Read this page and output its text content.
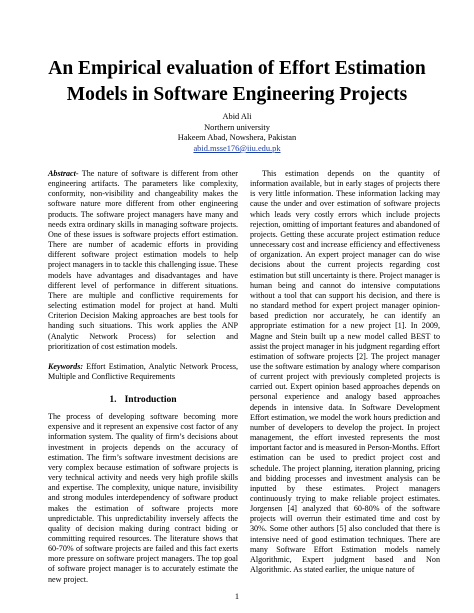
An Empirical evaluation of Effort Estimation
Models in Software Engineering Projects
Abid Ali
Northern university
Hakeem Abad, Nowshera, Pakistan
abid.msse176@iiu.edu.pk

Abstract- The nature of software is different from other engineering artifacts. The parameters like complexity, conformity, non-visibility and changeability makes the software nature more different from other engineering products. The software project managers have many and needs extra ordinary skills in managing software projects. One of these issues is software projects effort estimation. There are number of academic efforts in providing different software project estimation models to help project managers in to tackle this challenging issue. These models have advantages and disadvantages and have different level of performance in different situations. There are multiple and conflictive requirements for selecting estimation model for project at hand. Multi Criterion Decision Making approaches are best tools for handing such situations. This work applies the ANP (Analytic Network Process) for selection and prioritization of cost estimation models.

Keywords: Effort Estimation, Analytic Network Process, Multiple and Conflictive Requirements

1. Introduction

The process of developing software becoming more expensive and it represent an expensive cost factor of any information system. The quality of firm’s decisions about investment in projects depends on the accuracy of estimation. The firm’s software investment decisions are very complex because estimation of software projects is very technical activity and needs very high profile skills and expertise. The complexity, unique nature, invisibility and strong modules interdependency of software product makes the estimation of software projects more unpredictable. This unpredictability inversely affects the quality of decision making during contract biding or committing required resources. The literature shows that 60-70% of software projects are failed and this fact exerts more pressure on software project managers. The top goal of software project manager is to accurately estimate the new project.

This estimation depends on the quantity of information available, but in early stages of projects there is very little information. These information lacking may cause the under and over estimation of software projects which leads very costly errors which include projects rejection, omitting of important features and abandoned of projects. Getting these accurate project estimation reduce unnecessary cost and increase efficiency and effectiveness of organization. An expert project manager can do wise decisions about the current projects regarding cost estimation but still uncertainty is there. Project manager is human being and cannot do intensive computations without a tool that can support his decision, and there is no standard method for expert project manager opinion-based prediction nor accurately, he can identify an appropriate estimation for a new project [1]. In 2009, Magne and Stein built up a new model called BEST to assist the project manager in his judgment regarding effort estimation of software projects [2]. The project manager use the software estimation by analogy where comparison of current project with previously completed projects is carried out. Expert opinion based approaches depends on personal experience and analogy based approaches depends in intensive data. In Software Development Effort estimation, we model the work hours prediction and number of developers to develop the project. In project management, the effort invested represents the most important factor and is measured in Person-Months. Effort estimation can be used to predict project cost and schedule. The project planning, iteration planning, pricing and bidding processes and investment analysis can be inputted by these estimates. Project managers continuously trying to make reliable project estimates. Jorgensen [4] analyzed that 60-80% of the software projects will overrun their estimated time and cost by 30%. Some other authors [5] also concluded that there is intensive need of good estimation techniques. There are many Software Effort Estimation models namely Algorithmic, Expert judgment based and Non Algorithmic. As stated earlier, the unique nature of

1
